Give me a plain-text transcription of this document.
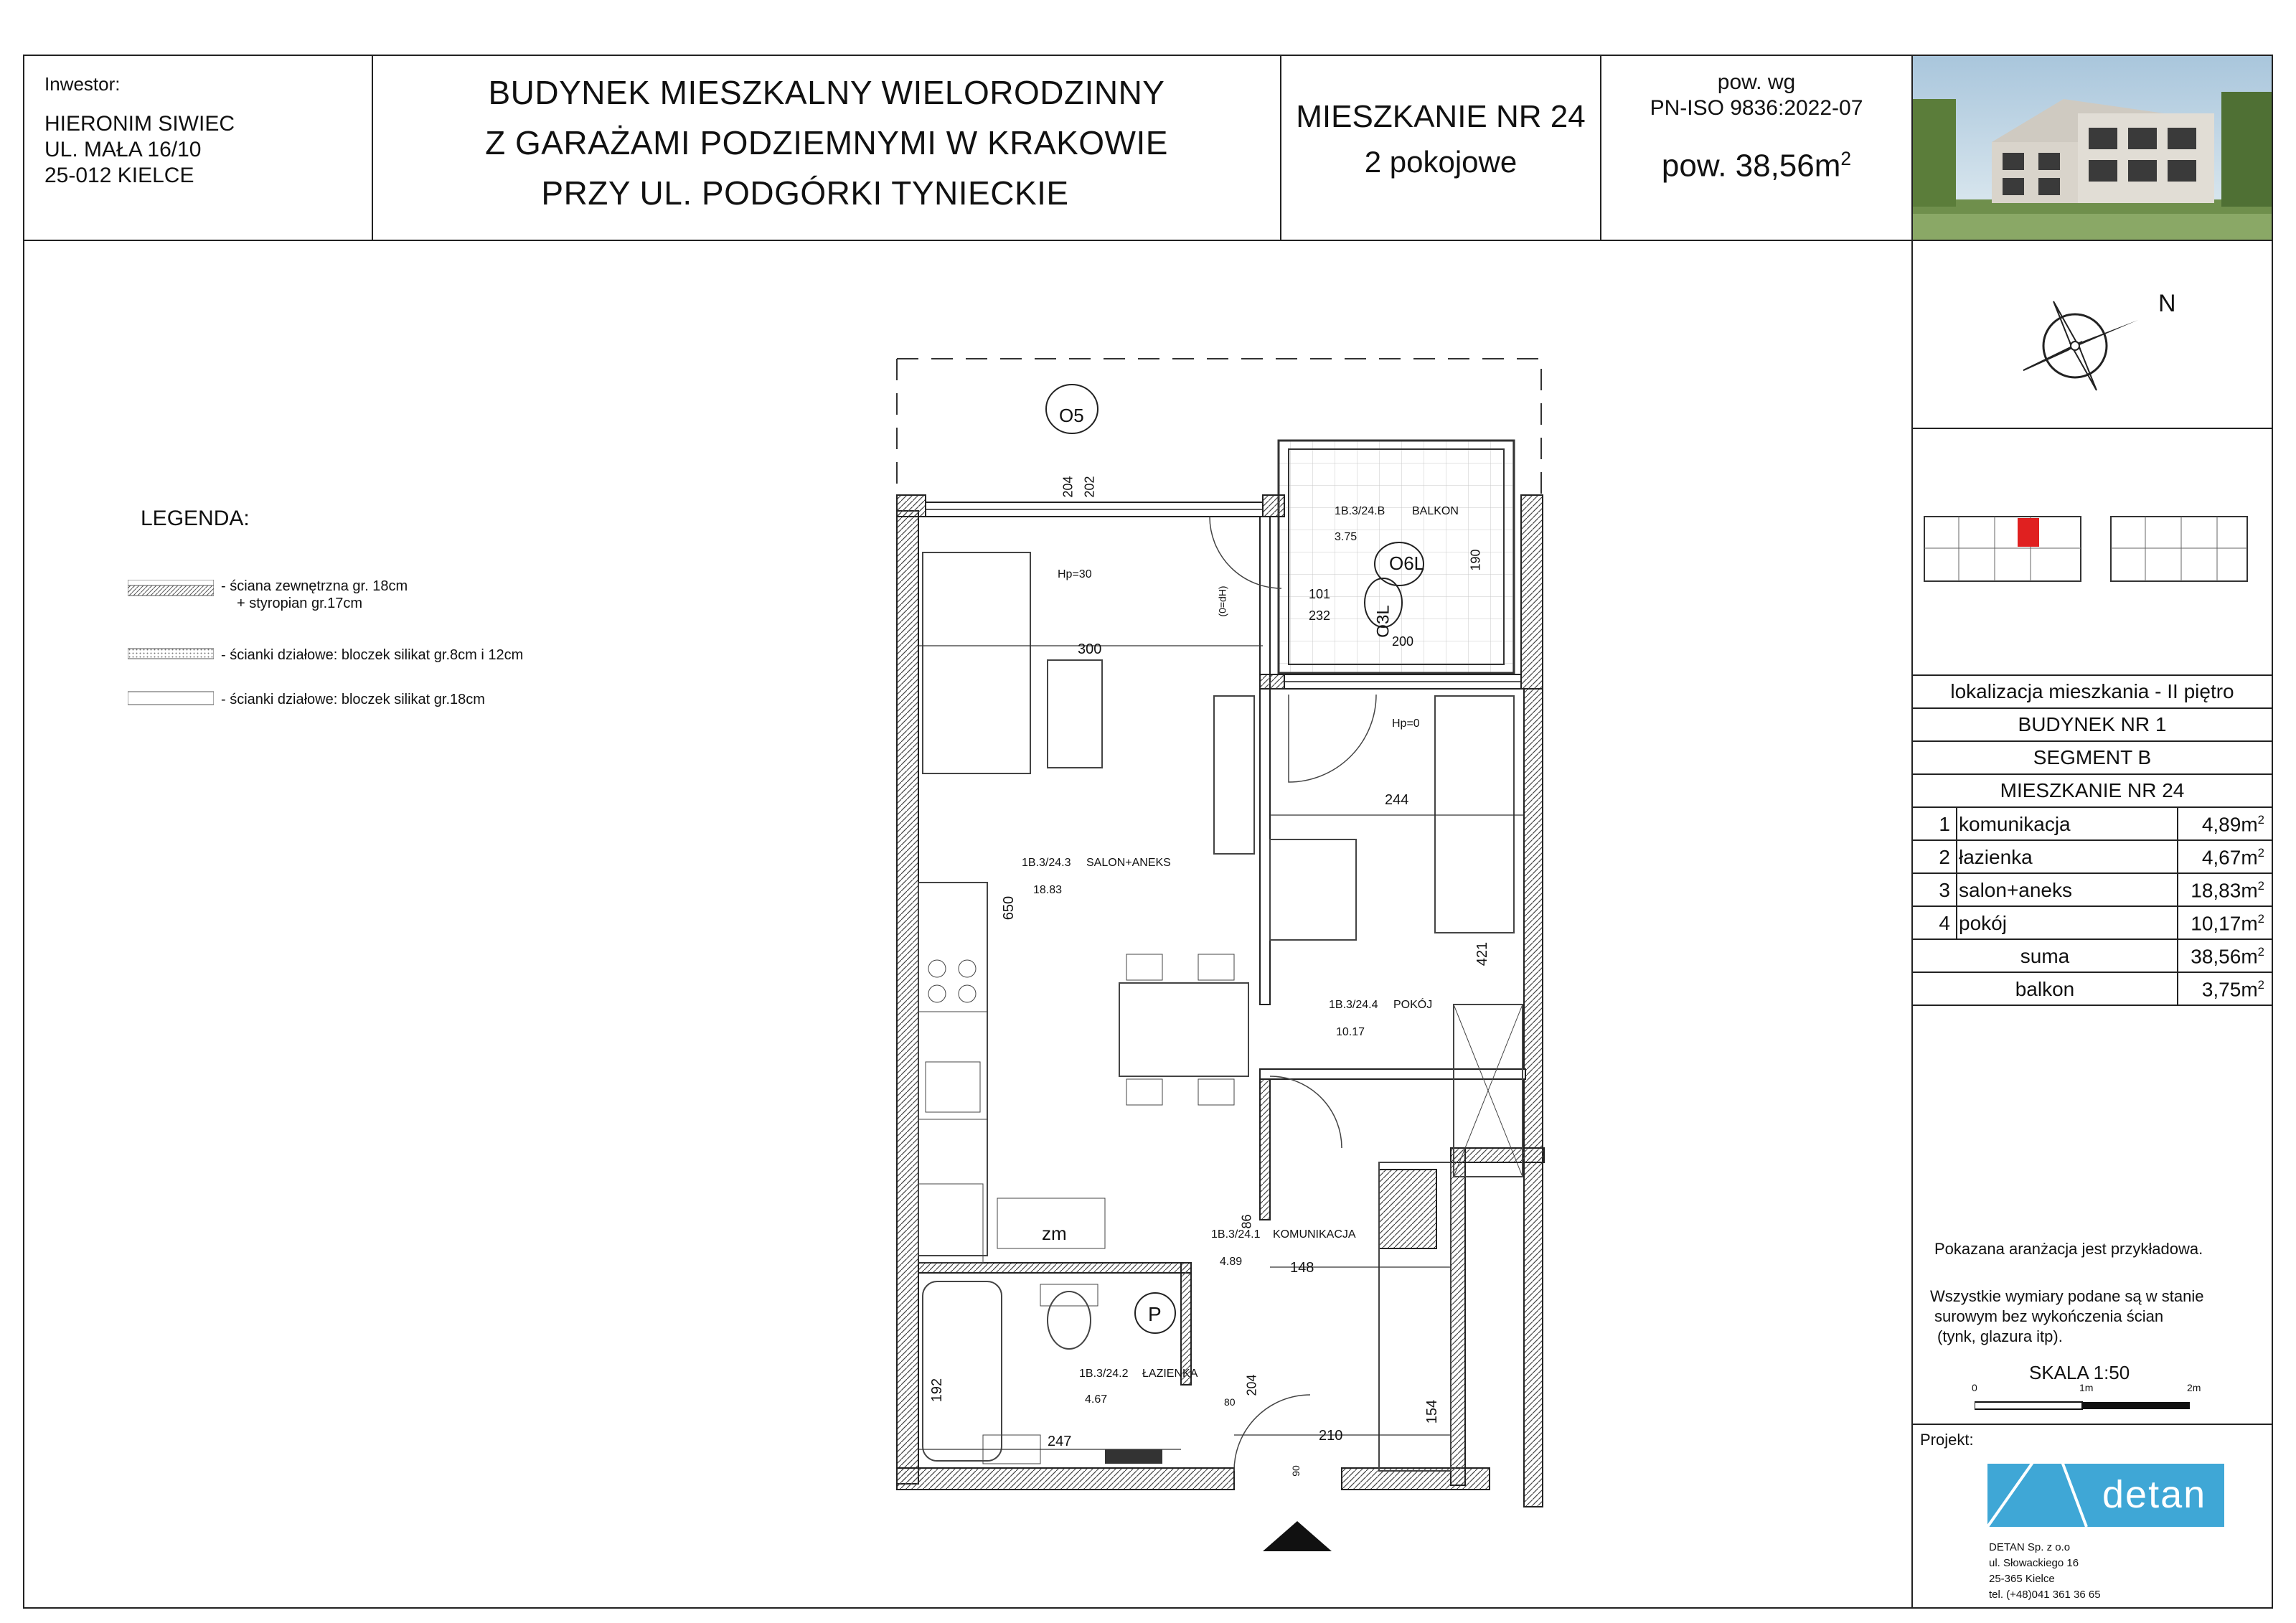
Inwestor:
HIERONIM SIWIEC
UL. MAŁA 16/10
25-012 KIELCE
BUDYNEK MIESZKALNY WIELORODZINNY
Z GARAŻAMI PODZIEMNYMI W KRAKOWIE
PRZY UL. PODGÓRKI TYNIECKIE
MIESZKANIE NR 24
2 pokojowe
pow. wg
PN-ISO 9836:2022-07
pow. $38,56m^2$
LEGENDA:
- ściana zewnętrzna gr. 18cm
+ styropian gr.17cm
- ścianki działowe: bloczek silikat gr.8cm i 12cm
- ścianki działowe: bloczek silikat gr.18cm
O5
O6L
O3L
zm
P
1B.3/24.B BALKON
3.75
1B.3/24.3 SALON+ANEKS
18.83
1B.3/24.4 POKÓJ
10.17
1B.3/24.1 KOMUNIKACJA
4.89
1B.3/24.2 ŁAZIENKA
4.67
204 202
Hp=30
300
(0=dH)	101
232
190
200
Hp=0
244
650
421
86
148
192
247	210
154
204
80
90
N
lokalizacja mieszkania - II piętro
BUDYNEK NR 1
SEGMENT B
MIESZKANIE NR 24
1 komunikacja	$4,89m^2$
2 łazienka	$4,67m^2$
3 salon+aneks	$18,83m^2$
4 pokój	$10,17m^2$
suma	$38,56m^2$
balkon	$3,75m^2$
Pokazana aranżacja jest przykładowa.
Wszystkie wymiary podane są w stanie
surowym bez wykończenia ścian
(tynk, glazura itp).
SKALA 1:50
0	1m	2m
Projekt:
detan
DETAN Sp. z o.o
ul. Słowackiego 16
25-365 Kielce
tel. (+48)041 361 36 65
